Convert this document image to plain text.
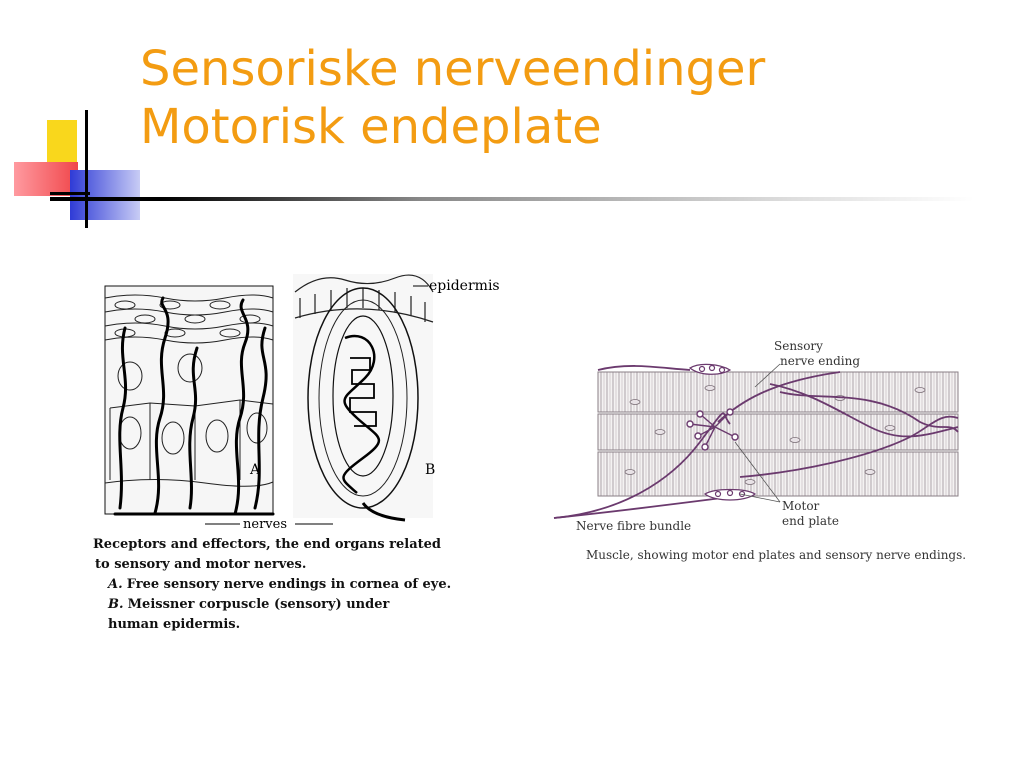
Sensoriske nerveendinger
Motorisk endeplate
A	B
epidermis
nerves
Receptors and effectors, the end organs related
to sensory and motor nerves.
A. Free sensory nerve endings in cornea of eye.
B. Meissner corpuscle (sensory) under
human epidermis.
Sensory
nerve ending
Motor
end plate
Nerve fibre bundle
Muscle, showing motor end plates and sensory nerve endings.
